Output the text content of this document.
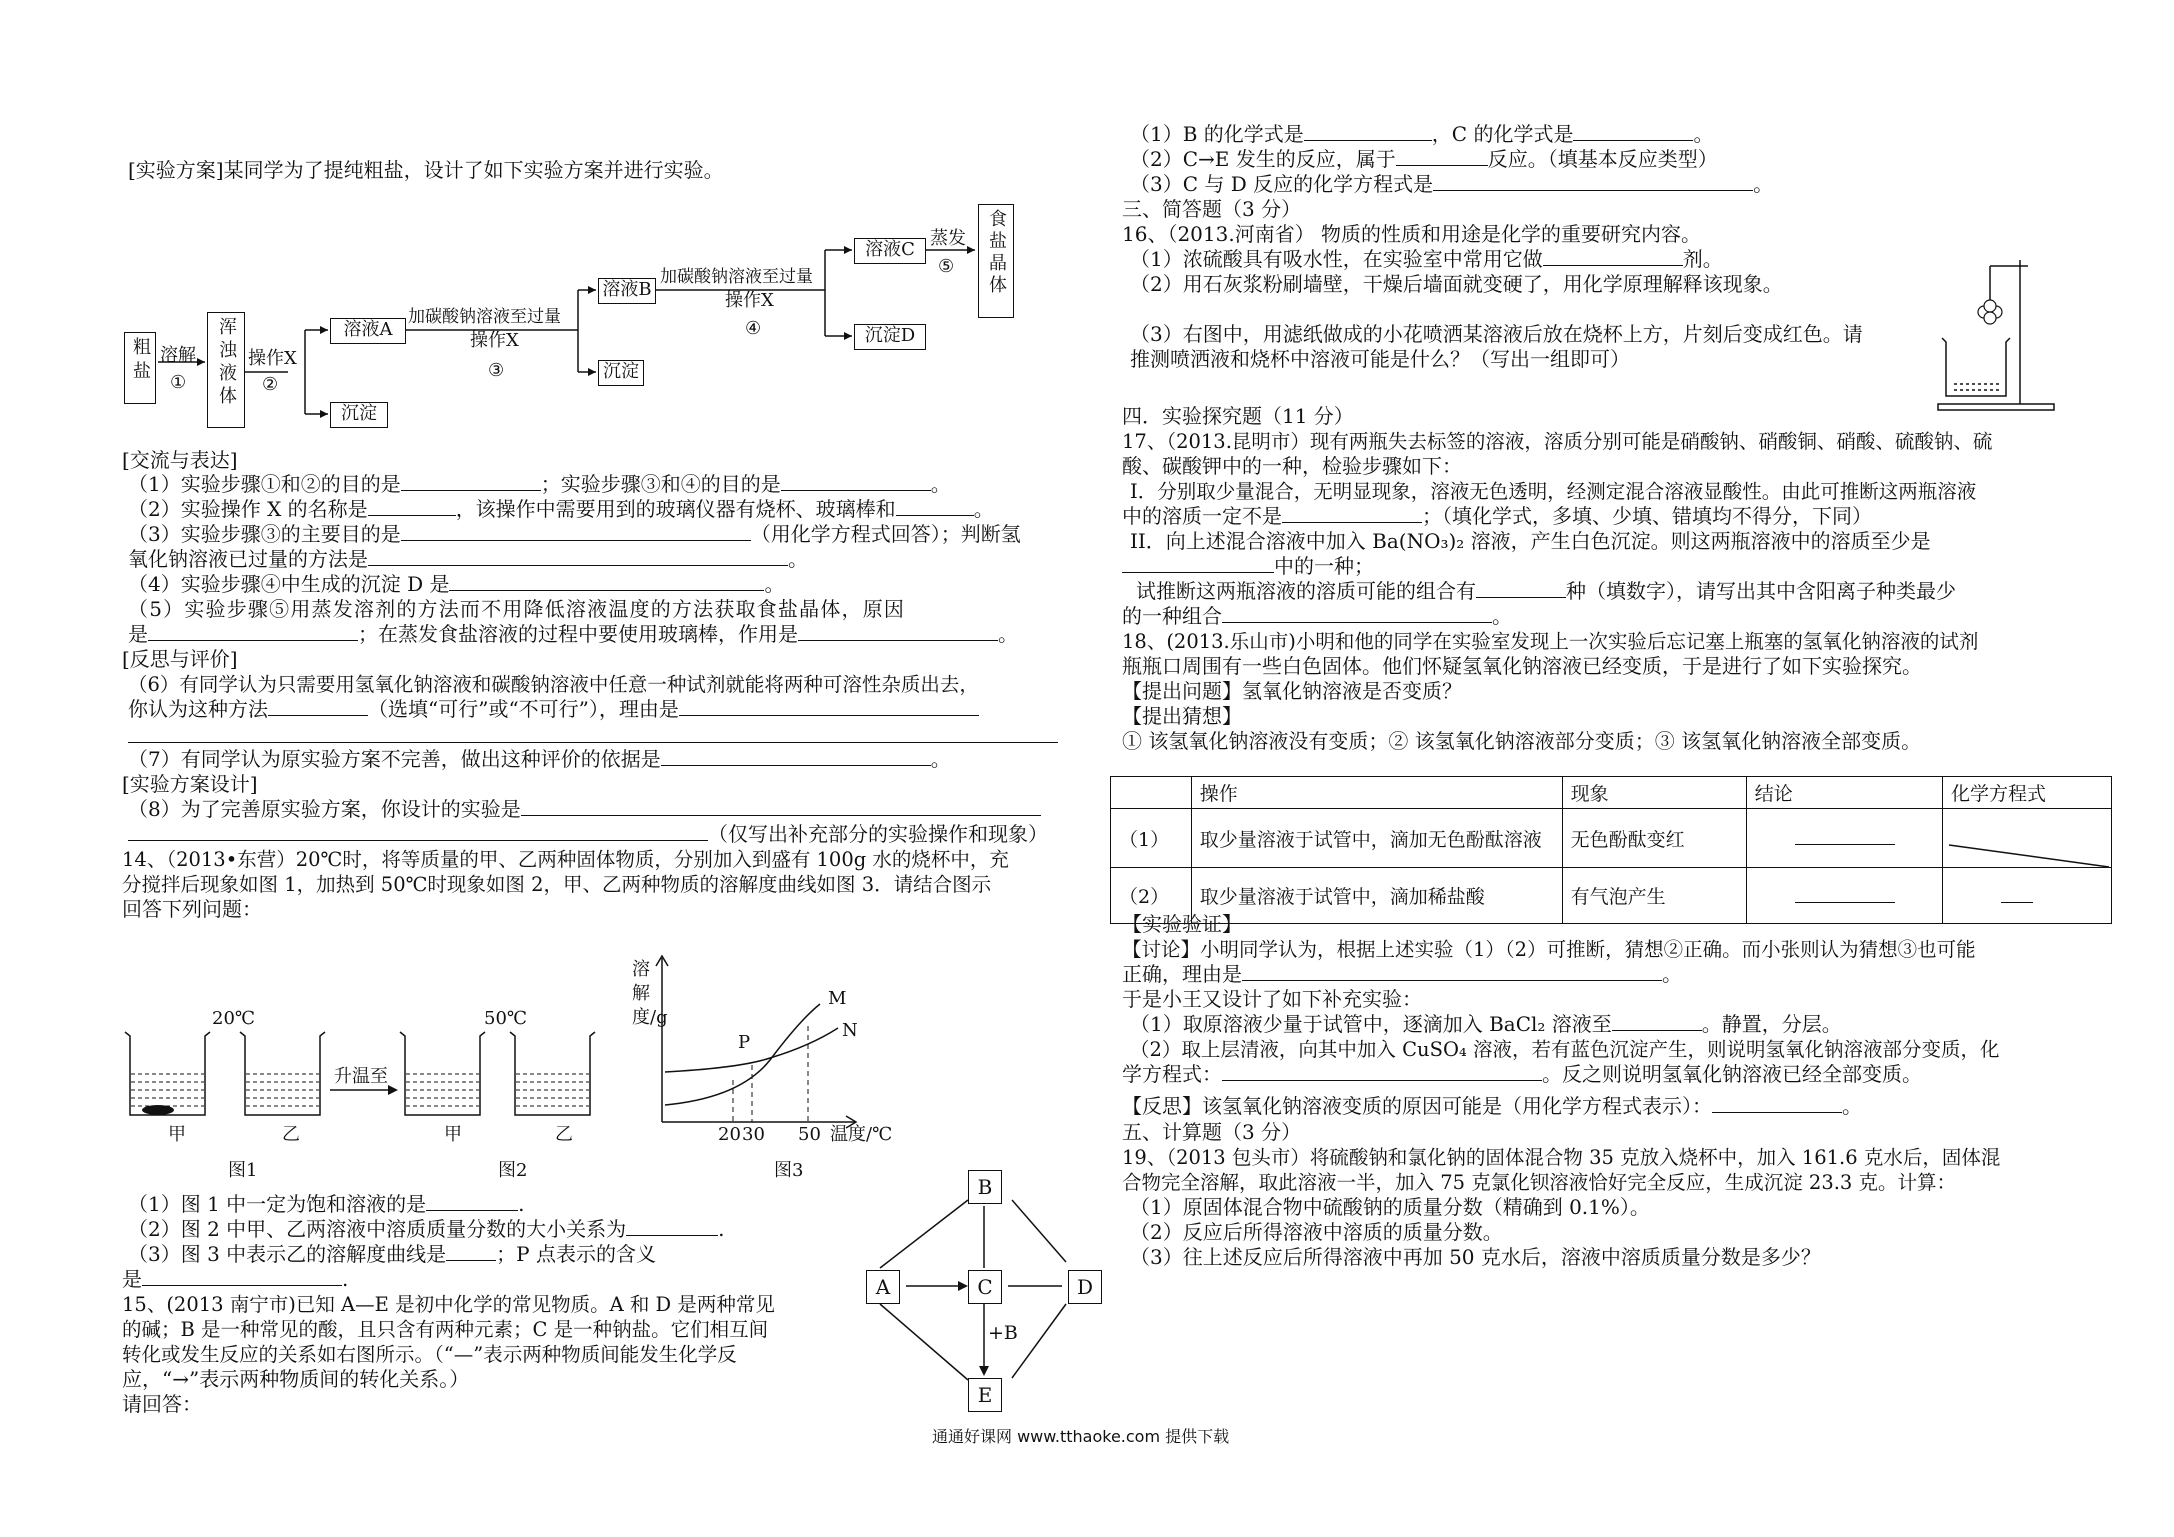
[实验方案]某同学为了提纯粗盐，设计了如下实验方案并进行实验。
粗盐 溶解
①	浑浊液体 操作X
②
溶液A
沉淀
加碳酸钠溶液至过量
操作X
③
溶液B
沉淀
加碳酸钠溶液至过量
操作X
④
溶液C
沉淀D
蒸发
⑤	食盐晶体
[交流与表达]
（1）实验步骤①和②的目的是	；实验步骤③和④的目的是	。
（2）实验操作 X 的名称是	，该操作中需要用到的玻璃仪器有烧杯、玻璃棒和	。
（3）实验步骤③的主要目的是	（用化学方程式回答）；判断氢
氧化钠溶液已过量的方法是	。
（4）实验步骤④中生成的沉淀 D 是	。
（5）实验步骤⑤用蒸发溶剂的方法而不用降低溶液温度的方法获取食盐晶体，原因
是	；在蒸发食盐溶液的过程中要使用玻璃棒，作用是	。
[反思与评价]
（6）有同学认为只需要用氢氧化钠溶液和碳酸钠溶液中任意一种试剂就能将两种可溶性杂质出去，
你认为这种方法	（选填“可行”或“不可行”），理由是
（7）有同学认为原实验方案不完善，做出这种评价的依据是	。
[实验方案设计]
（8）为了完善原实验方案，你设计的实验是
（仅写出补充部分的实验操作和现象）
14、（2013•东营）20℃时，将等质量的甲、乙两种固体物质，分别加入到盛有 100g 水的烧杯中，充
分搅拌后现象如图 1，加热到 50℃时现象如图 2，甲、乙两种物质的溶解度曲线如图 3．请结合图示
回答下列问题：
20℃	50℃
升温至
甲	乙	甲	乙
图1	图2	图3
溶解度/g
温度/℃
20 30 50
M
N
P
（1）图 1 中一定为饱和溶液的是	.
（2）图 2 中甲、乙两溶液中溶质质量分数的大小关系为	.
（3）图 3 中表示乙的溶解度曲线是	；P 点表示的含义
是	.
15、(2013 南宁市)已知 A—E 是初中化学的常见物质。A 和 D 是两种常见
的碱；B 是一种常见的酸，且只含有两种元素；C 是一种钠盐。它们相互间
转化或发生反应的关系如右图所示。（“—”表示两种物质间能发生化学反
应，“→”表示两种物质间的转化关系。）
请回答：
B
A	C	D
E
+B
（1）B 的化学式是	，C 的化学式是	。
（2）C→E 发生的反应，属于	反应。（填基本反应类型）
（3）C 与 D 反应的化学方程式是	。
三、简答题（3 分）
16、（2013.河南省） 物质的性质和用途是化学的重要研究内容。
（1）浓硫酸具有吸水性，在实验室中常用它做	剂。
（2）用石灰浆粉刷墙壁，干燥后墙面就变硬了，用化学原理解释该现象。
（3）右图中，用滤纸做成的小花喷洒某溶液后放在烧杯上方，片刻后变成红色。请
推测喷洒液和烧杯中溶液可能是什么？（写出一组即可）
四．实验探究题（11 分）
17、（2013.昆明市）现有两瓶失去标签的溶液，溶质分别可能是硝酸钠、硝酸铜、硝酸、硫酸钠、硫
酸、碳酸钾中的一种，检验步骤如下：
I．分别取少量混合，无明显现象，溶液无色透明，经测定混合溶液显酸性。由此可推断这两瓶溶液
中的溶质一定不是	；（填化学式，多填、少填、错填均不得分，下同）
II．向上述混合溶液中加入 Ba(NO₃)₂ 溶液，产生白色沉淀。则这两瓶溶液中的溶质至少是
中的一种；
试推断这两瓶溶液的溶质可能的组合有	种（填数字），请写出其中含阳离子种类最少
的一种组合	。
18、(2013.乐山市)小明和他的同学在实验室发现上一次实验后忘记塞上瓶塞的氢氧化钠溶液的试剂
瓶瓶口周围有一些白色固体。他们怀疑氢氧化钠溶液已经变质，于是进行了如下实验探究。
【提出问题】氢氧化钠溶液是否变质？
【提出猜想】
① 该氢氧化钠溶液没有变质；② 该氢氧化钠溶液部分变质；③ 该氢氧化钠溶液全部变质。
	操作	现象	结论	化学方程式
（1）	取少量溶液于试管中，滴加无色酚酞溶液	无色酚酞变红		

（2）	取少量溶液于试管中，滴加稀盐酸	有气泡产生		
【实验验证】
【讨论】小明同学认为，根据上述实验（1）（2）可推断，猜想②正确。而小张则认为猜想③也可能
正确，理由是	。
于是小王又设计了如下补充实验：
（1）取原溶液少量于试管中，逐滴加入 BaCl₂ 溶液至	。静置，分层。
（2）取上层清液，向其中加入 CuSO₄ 溶液，若有蓝色沉淀产生，则说明氢氧化钠溶液部分变质，化
学方程式：	。反之则说明氢氧化钠溶液已经全部变质。
【反思】该氢氧化钠溶液变质的原因可能是（用化学方程式表示）：	。
五、计算题（3 分）
19、（2013 包头市）将硫酸钠和氯化钠的固体混合物 35 克放入烧杯中，加入 161.6 克水后，固体混
合物完全溶解，取此溶液一半，加入 75 克氯化钡溶液恰好完全反应，生成沉淀 23.3 克。计算：
（1）原固体混合物中硫酸钠的质量分数（精确到 0.1%）。
（2）反应后所得溶液中溶质的质量分数。
（3）往上述反应后所得溶液中再加 50 克水后，溶液中溶质质量分数是多少？
通通好课网 www.tthaoke.com 提供下载
